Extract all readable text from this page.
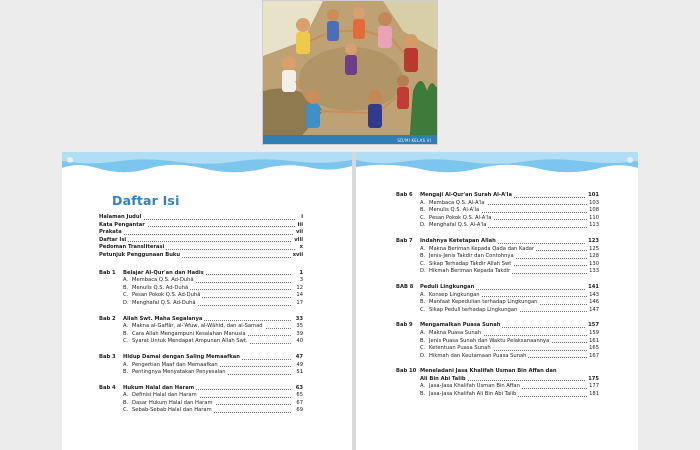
SD/MI KELAS VI
Daftar Isi
Halaman Judul	i
Kata Pengantar	iii
Prakata	vii
Daftar Isi	viii
Pedoman Transliterasi	x
Petunjuk Penggunaan Buku	xvii
Bab 1	Belajar Al-Qur'an dan Hadis	1
A. Membaca Q.S. Ad-Duhā	3
B. Menulis Q.S. Ad-Duhā	12
C. Pesan Pokok Q.S. Ad-Duhā	14
D. Menghafal Q.S. Ad-Duhā	17
Bab 2	Allah Swt. Maha Segalanya	33
A. Makna al-Gaffār, al-'Afuw, al-Wāhid, dan al-Samad	35
B. Cara Allah Mengampuni Kesalahan Manusia	39
C. Syarat Untuk Mendapat Ampunan Allah Swt.	40
Bab 3	Hidup Damai dengan Saling Memaafkan	47
A. Pengertian Maaf dan Memaafkan	49
B. Pentingnya Menyatakan Penyesalan	51
Bab 4	Hukum Halal dan Haram	63
A. Definisi Halal dan Haram	65
B. Dasar Hukum Halal dan Haram	67
C. Sebab-Sebab Halal dan Haram	69
Bab 6	Mengaji Al-Qur'an Surah Al-A'la	101
A. Membaca Q.S. Al-A'la	103
B. Menulis Q.S. Al-A'la	108
C. Pesan Pokok Q.S. Al-A'la	110
D. Menghafal Q.S. Al-A'la	113
Bab 7	Indahnya Ketetapan Allah	123
A. Makna Beriman Kepada Qada dan Kadar	125
B. Jenis-Jenis Takdir dan Contohnya	128
C. Sikap Terhadap Takdir Allah Swt	130
D. Hikmah Beriman Kepada Takdir	133
BAB 8	Peduli Lingkungan	141
A. Konsep Lingkungan	143
B. Manfaat Kepedulian terhadap Lingkungan	146
C. Sikap Peduli terhadap Lingkungan	147
Bab 9	Mengamalkan Puasa Sunah	157
A. Makna Puasa Sunah	159
B. Jenis Puasa Sunah dan Waktu Pelaksanaannya	161
C. Ketentuan Puasa Sunah	165
D. Hikmah dan Keutamaan Puasa Sunah	167
Bab 10 Meneladani Jasa Khalifah Usman Bin Affan dan
Ali Bin Abi Talib	175
A. Jasa-Jasa Khalifah Usman Bin Affan	177
B. Jasa-Jasa Khalifah Ali Bin Abi Talib	181
